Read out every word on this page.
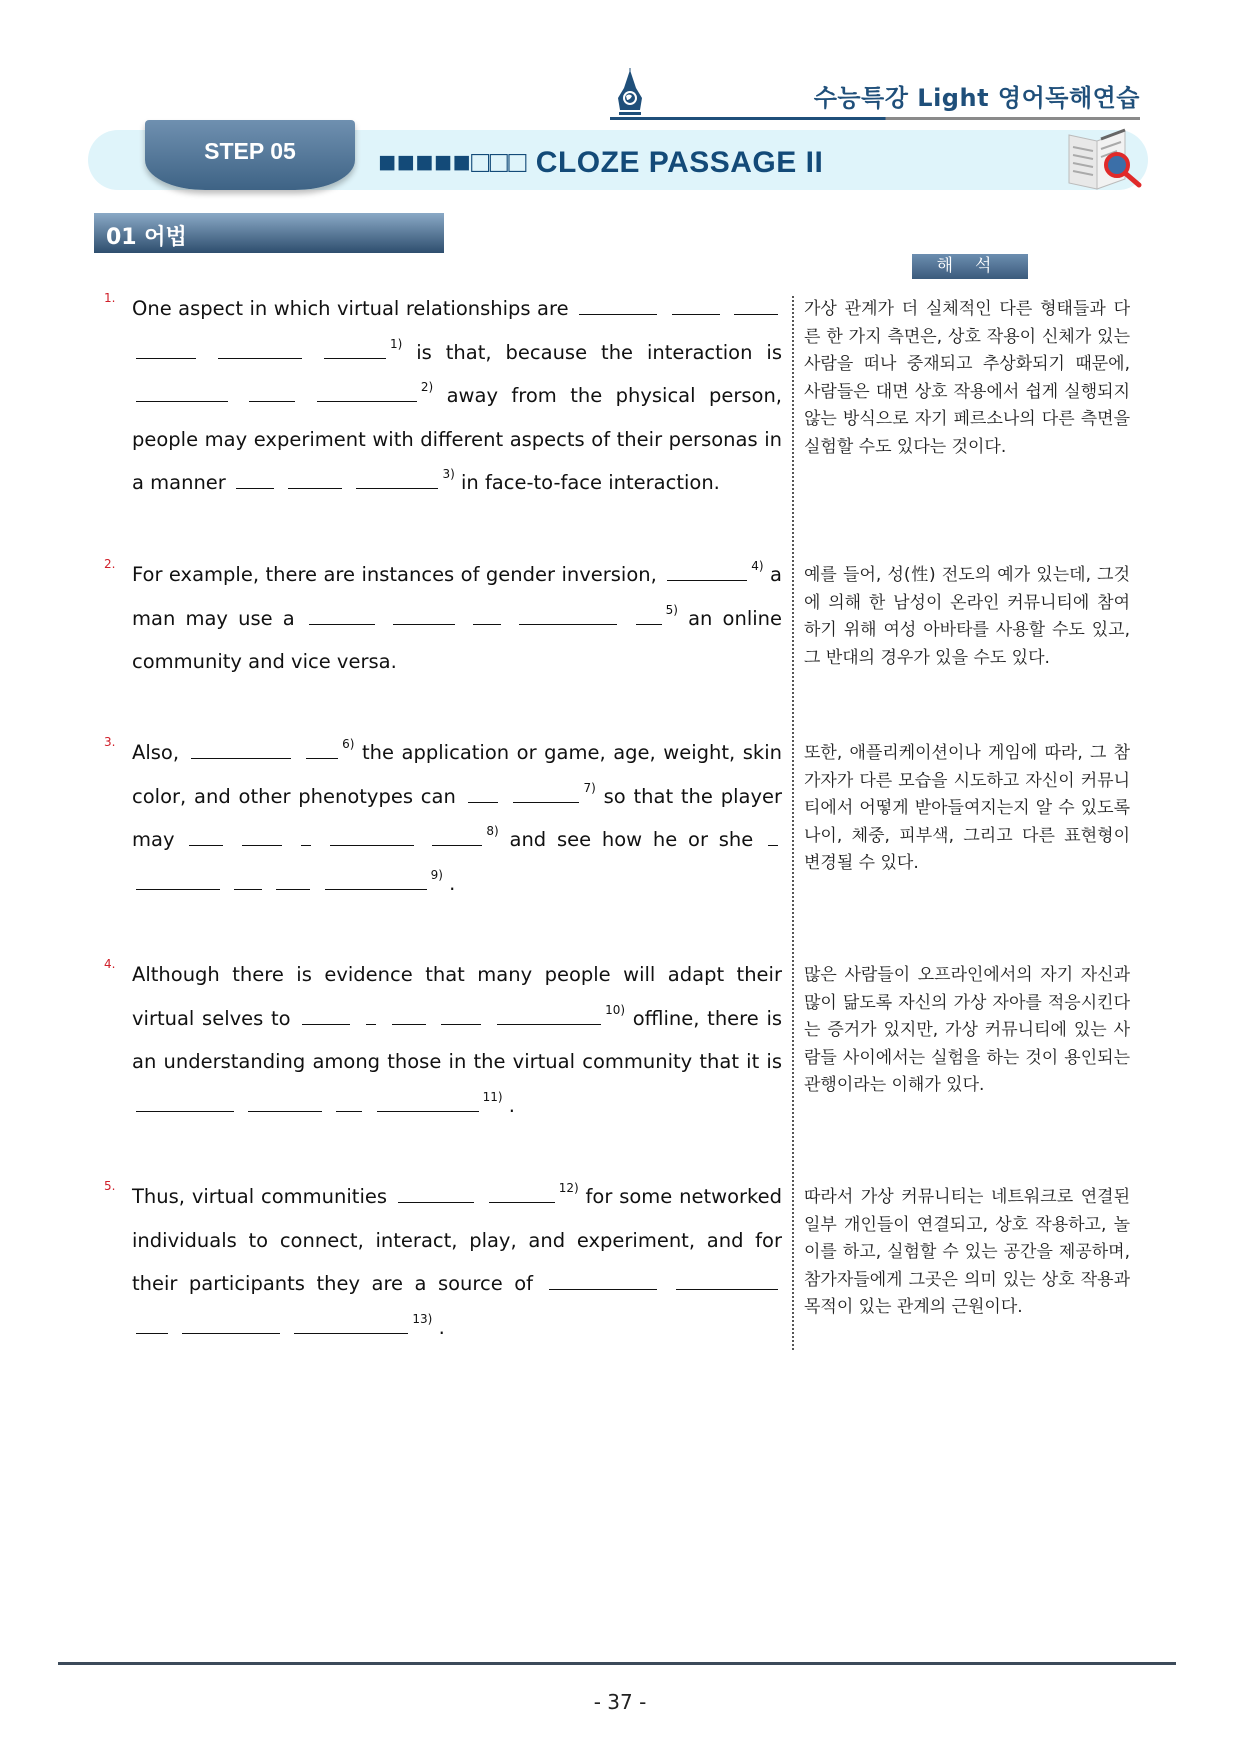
수능특강 Light 영어독해연습
STEP 05	■■■■■□□□ CLOZE PASSAGE II
01 어법
해석
1. One aspect in which virtual relationships are      $^{1)}$ is that, because the interaction is   $^{2)}$ away from the physical person, people may experiment with different aspects of their personas in a manner	$^{3)}$ in face-to-face interaction.
가상 관계가 더 실체적인 다른 형태들과 다른 한 가지 측면은, 상호 작용이 신체가 있는 사람을 떠나 중재되고 추상화되기 때문에, 사람들은 대면 상호 작용에서 쉽게 실행되지 않는 방식으로 자기 페르소나의 다른 측면을 실험할 수도 있다는 것이다.
2. For example, there are instances of gender inversion,	$^{4)}$ a man may use a	$^{5)}$ an online community and vice versa.
예를 들어, 성(性) 전도의 예가 있는데, 그것에 의해 한 남성이 온라인 커뮤니티에 참여하기 위해 여성 아바타를 사용할 수도 있고, 그 반대의 경우가 있을 수도 있다.
3. Also,	$^{6)}$ the application or game, age, weight, skin color, and other phenotypes can	$^{7)}$ so that the player may	$^{8)}$ and see how he or she     $^{9)}$ .
또한, 애플리케이션이나 게임에 따라, 그 참가자가 다른 모습을 시도하고 자신이 커뮤니티에서 어떻게 받아들여지는지 알 수 있도록 나이, 체중, 피부색, 그리고 다른 표현형이 변경될 수 있다.
4. Although there is evidence that many people will adapt their virtual selves to	$^{10)}$ offline, there is an understanding among those in the virtual community that it is    $^{11)}$ .
많은 사람들이 오프라인에서의 자기 자신과 많이 닮도록 자신의 가상 자아를 적응시킨다는 증거가 있지만, 가상 커뮤니티에 있는 사람들 사이에서는 실험을 하는 것이 용인되는 관행이라는 이해가 있다.
5. Thus, virtual communities	$^{12)}$ for some networked individuals to connect, interact, play, and experiment, and for their participants they are a source of     $^{13)}$ .
따라서 가상 커뮤니티는 네트워크로 연결된 일부 개인들이 연결되고, 상호 작용하고, 놀이를 하고, 실험할 수 있는 공간을 제공하며, 참가자들에게 그곳은 의미 있는 상호 작용과 목적이 있는 관계의 근원이다.
- 37 -
